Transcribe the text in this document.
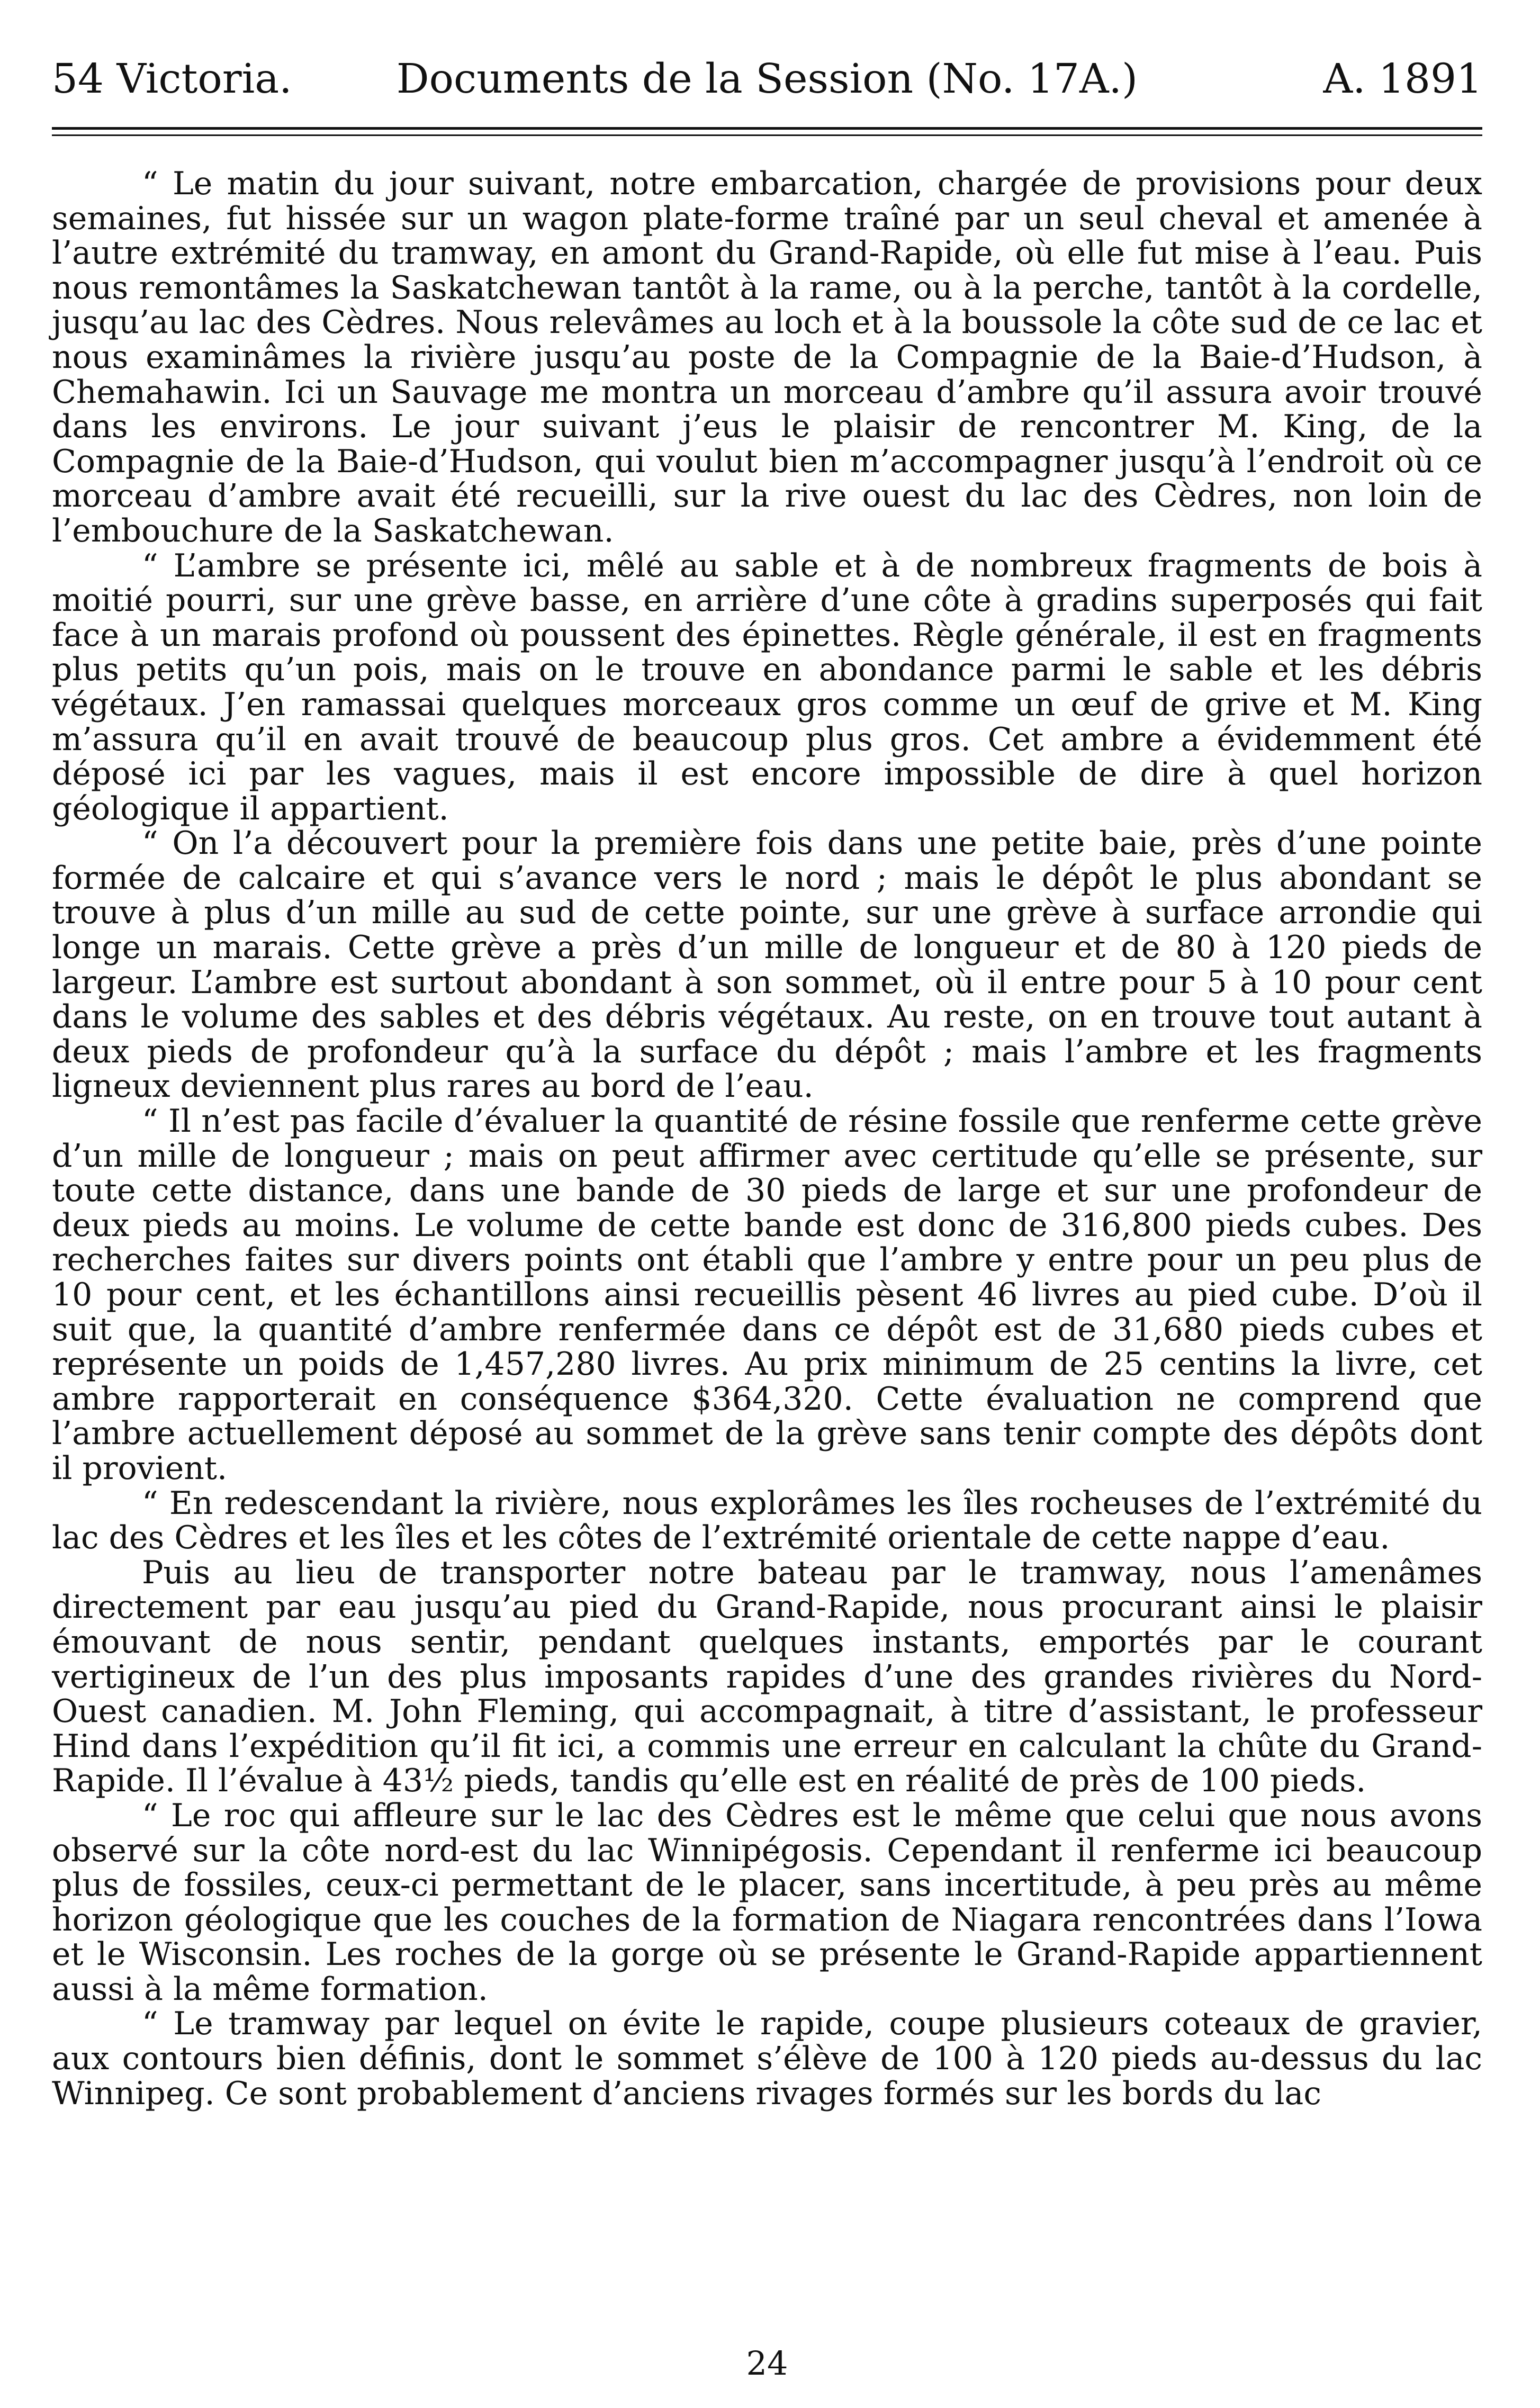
54 Victoria.	Documents de la Session (No. 17A.)	A. 1891

“ Le matin du jour suivant, notre embarcation, chargée de provisions pour deux semaines, fut hissée sur un wagon plate-forme traîné par un seul cheval et amenée à l’autre extrémité du tramway, en amont du Grand-Rapide, où elle fut mise à l’eau. Puis nous remontâmes la Saskatchewan tantôt à la rame, ou à la perche, tantôt à la cordelle, jusqu’au lac des Cèdres. Nous relevâmes au loch et à la boussole la côte sud de ce lac et nous examinâmes la rivière jusqu’au poste de la Compagnie de la Baie-d’Hudson, à Chemahawin. Ici un Sauvage me montra un morceau d’ambre qu’il assura avoir trouvé dans les environs. Le jour suivant j’eus le plaisir de rencontrer M. King, de la Compagnie de la Baie-d’Hudson, qui voulut bien m’accompagner jusqu’à l’endroit où ce morceau d’ambre avait été recueilli, sur la rive ouest du lac des Cèdres, non loin de l’embouchure de la Saskatchewan.

“ L’ambre se présente ici, mêlé au sable et à de nombreux fragments de bois à moitié pourri, sur une grève basse, en arrière d’une côte à gradins superposés qui fait face à un marais profond où poussent des épinettes. Règle générale, il est en fragments plus petits qu’un pois, mais on le trouve en abondance parmi le sable et les débris végétaux. J’en ramassai quelques morceaux gros comme un œuf de grive et M. King m’assura qu’il en avait trouvé de beaucoup plus gros. Cet ambre a évidemment été déposé ici par les vagues, mais il est encore impossible de dire à quel horizon géologique il appartient.

“ On l’a découvert pour la première fois dans une petite baie, près d’une pointe formée de calcaire et qui s’avance vers le nord ; mais le dépôt le plus abondant se trouve à plus d’un mille au sud de cette pointe, sur une grève à surface arrondie qui longe un marais. Cette grève a près d’un mille de longueur et de 80 à 120 pieds de largeur. L’ambre est surtout abondant à son sommet, où il entre pour 5 à 10 pour cent dans le volume des sables et des débris végétaux. Au reste, on en trouve tout autant à deux pieds de profondeur qu’à la surface du dépôt ; mais l’ambre et les fragments ligneux deviennent plus rares au bord de l’eau.

“ Il n’est pas facile d’évaluer la quantité de résine fossile que renferme cette grève d’un mille de longueur ; mais on peut affirmer avec certitude qu’elle se présente, sur toute cette distance, dans une bande de 30 pieds de large et sur une profondeur de deux pieds au moins. Le volume de cette bande est donc de 316,800 pieds cubes. Des recherches faites sur divers points ont établi que l’ambre y entre pour un peu plus de 10 pour cent, et les échantillons ainsi recueillis pèsent 46 livres au pied cube. D’où il suit que, la quantité d’ambre renfermée dans ce dépôt est de 31,680 pieds cubes et représente un poids de 1,457,280 livres. Au prix minimum de 25 centins la livre, cet ambre rapporterait en conséquence $364,320. Cette évaluation ne comprend que l’ambre actuellement déposé au sommet de la grève sans tenir compte des dépôts dont il provient.

“ En redescendant la rivière, nous explorâmes les îles rocheuses de l’extrémité du lac des Cèdres et les îles et les côtes de l’extrémité orientale de cette nappe d’eau.

Puis au lieu de transporter notre bateau par le tramway, nous l’amenâmes directement par eau jusqu’au pied du Grand-Rapide, nous procurant ainsi le plaisir émouvant de nous sentir, pendant quelques instants, emportés par le courant vertigineux de l’un des plus imposants rapides d’une des grandes rivières du Nord-Ouest canadien. M. John Fleming, qui accompagnait, à titre d’assistant, le professeur Hind dans l’expédition qu’il fit ici, a commis une erreur en calculant la chûte du Grand-Rapide. Il l’évalue à 43½ pieds, tandis qu’elle est en réalité de près de 100 pieds.

“ Le roc qui affleure sur le lac des Cèdres est le même que celui que nous avons observé sur la côte nord-est du lac Winnipégosis. Cependant il renferme ici beaucoup plus de fossiles, ceux-ci permettant de le placer, sans incertitude, à peu près au même horizon géologique que les couches de la formation de Niagara rencontrées dans l’Iowa et le Wisconsin. Les roches de la gorge où se présente le Grand-Rapide appartiennent aussi à la même formation.

“ Le tramway par lequel on évite le rapide, coupe plusieurs coteaux de gravier, aux contours bien définis, dont le sommet s’élève de 100 à 120 pieds au-dessus du lac Winnipeg. Ce sont probablement d’anciens rivages formés sur les bords du lac

24
